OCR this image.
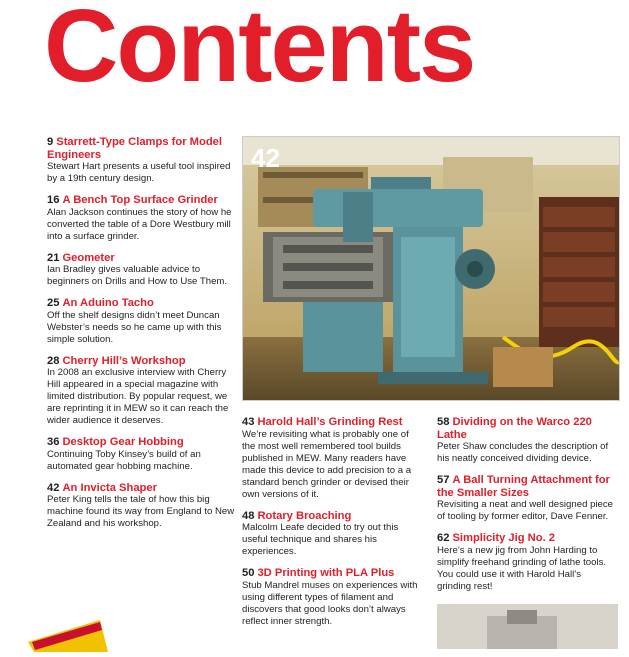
Contents
9 Starrett-Type Clamps for Model Engineers
Stewart Hart presents a useful tool inspired by a 19th century design.
16 A Bench Top Surface Grinder
Alan Jackson continues the story of how he converted the table of a Dore Westbury mill into a surface grinder.
21 Geometer
Ian Bradley gives valuable advice to beginners on Drills and How to Use Them.
25 An Aduino Tacho
Off the shelf designs didn’t meet Duncan Webster’s needs so he came up with this simple solution.
28 Cherry Hill’s Workshop
In 2008 an exclusive interview with Cherry Hill appeared in a special magazine with limited distribution. By popular request, we are reprinting it in MEW so it can reach the wider audience it deserves.
36 Desktop Gear Hobbing
Continuing Toby Kinsey’s build of an automated gear hobbing machine.
42 An Invicta Shaper
Peter King tells the tale of how this big machine found its way from England to New Zealand and his workshop.
42
43 Harold Hall’s Grinding Rest
We’re revisiting what is probably one of the most well remembered tool builds published in MEW. Many readers have made this device to add precision to a a standard bench grinder or devised their own versions of it.
48 Rotary Broaching
Malcolm Leafe decided to try out this useful technique and shares his experiences.
50 3D Printing with PLA Plus
Stub Mandrel muses on experiences with using different types of filament and discovers that good looks don’t always reflect inner strength.
58 Dividing on the Warco 220 Lathe
Peter Shaw concludes the description of his neatly conceived dividing device.
57 A Ball Turning Attachment for the Smaller Sizes
Revisiting a neat and well designed piece of tooling by former editor, Dave Fenner.
62 Simplicity Jig No. 2
Here’s a new jig from John Harding to simplify freehand grinding of lathe tools. You could use it with Harold Hall’s grinding rest!
